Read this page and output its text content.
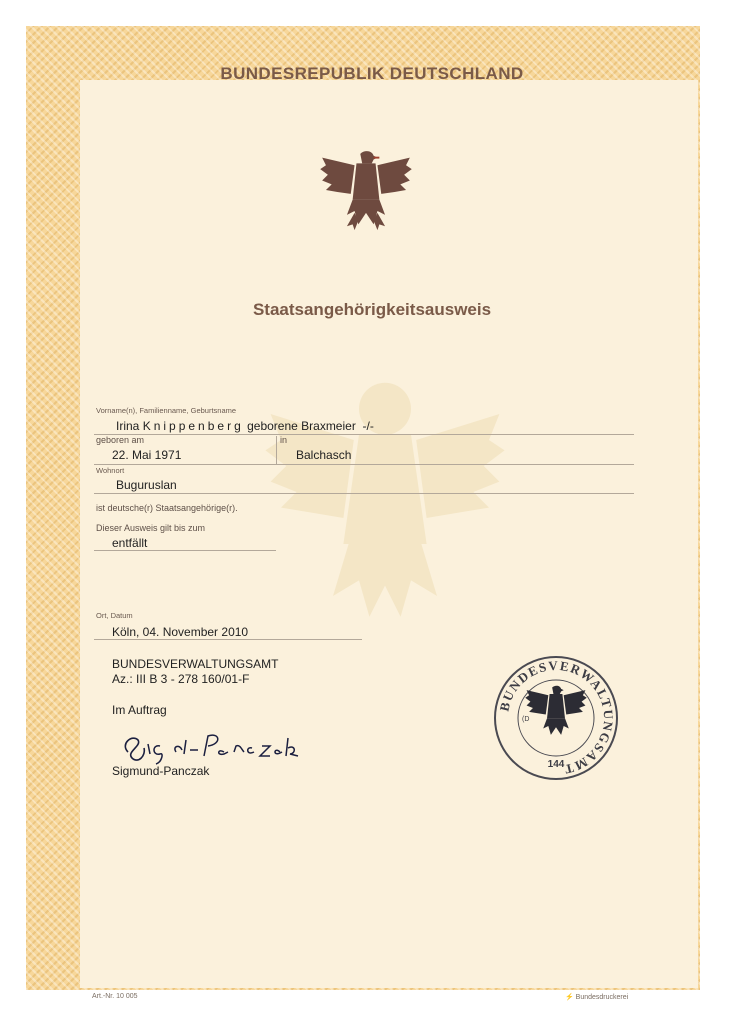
BUNDESREPUBLIK DEUTSCHLAND
Staatsangehörigkeitsausweis
Vorname(n), Familienname, Geburtsname
Irina Knippenberg geborene Braxmeier -/-
geboren am	in
22. Mai 1971	Balchasch
Wohnort
Buguruslan
ist deutsche(r) Staatsangehörige(r).
Dieser Ausweis gilt bis zum
entfällt
Ort, Datum
Köln, 04. November 2010
BUNDESVERWALTUNGSAMT
Az.: III B 3 - 278 160/01-F
Im Auftrag
Sigmund-Panczak
Sigmund-Panczak
BUNDESVERWALTUNGSAMT
(D
144
Art.-Nr. 10 005	⚡ Bundesdruckerei
